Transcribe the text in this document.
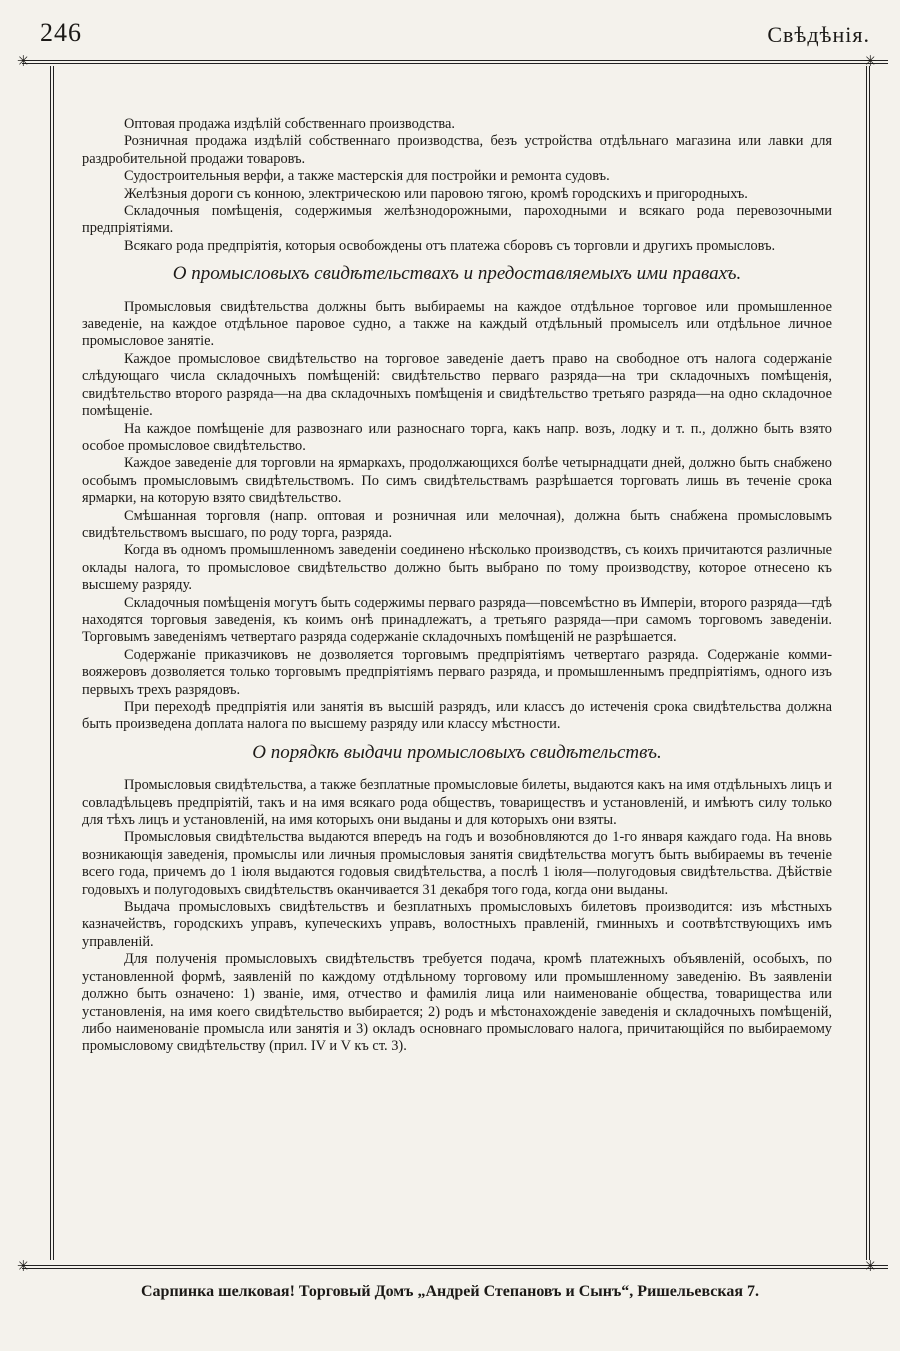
246	Свѣдѣнія.
✳	✳
✳	✳

Оптовая продажа издѣлій собственнаго производства.

Розничная продажа издѣлій собственнаго производства, безъ устройства отдѣльнаго магазина или лавки для раздробительной продажи товаровъ.

Судостроительныя верфи, а также мастерскія для постройки и ремонта судовъ.

Желѣзныя дороги съ конною, электрическою или паровою тягою, кромѣ городскихъ и пригородныхъ.

Складочныя помѣщенія, содержимыя желѣзнодорожными, пароходными и всякаго рода перевозочными предпріятіями.

Всякаго рода предпріятія, которыя освобождены отъ платежа сборовъ съ торговли и другихъ промысловъ.

О промысловыхъ свидѣтельствахъ и предоставляемыхъ ими правахъ.

Промысловыя свидѣтельства должны быть выбираемы на каждое отдѣльное торговое или промышленное заведеніе, на каждое отдѣльное паровое судно, а также на каждый отдѣльный промыселъ или отдѣльное личное промысловое занятіе.

Каждое промысловое свидѣтельство на торговое заведеніе даетъ право на свободное отъ налога содержаніе слѣдующаго числа складочныхъ помѣщеній: свидѣтельство перваго разряда—на три складочныхъ помѣщенія, свидѣтельство второго разряда—на два складочныхъ помѣщенія и свидѣтельство третьяго разряда—на одно складочное помѣщеніе.

На каждое помѣщеніе для развознаго или разноснаго торга, какъ напр. возъ, лодку и т. п., должно быть взято особое промысловое свидѣтельство.

Каждое заведеніе для торговли на ярмаркахъ, продолжающихся болѣе четырнадцати дней, должно быть снабжено особымъ промысловымъ свидѣтельствомъ. По симъ свидѣтельствамъ разрѣшается торговать лишь въ теченіе срока ярмарки, на которую взято свидѣтельство.

Смѣшанная торговля (напр. оптовая и розничная или мелочная), должна быть снабжена промысловымъ свидѣтельствомъ высшаго, по роду торга, разряда.

Когда въ одномъ промышленномъ заведеніи соединено нѣсколько производствъ, съ коихъ причитаются различные оклады налога, то промысловое свидѣтельство должно быть выбрано по тому производству, которое отнесено къ высшему разряду.

Складочныя помѣщенія могутъ быть содержимы перваго разряда—повсемѣстно въ Имперіи, второго разряда—гдѣ находятся торговыя заведенія, къ коимъ онѣ принадлежатъ, а третьяго разряда—при самомъ торговомъ заведеніи. Торговымъ заведеніямъ четвертаго разряда содержаніе складочныхъ помѣщеній не разрѣшается.

Содержаніе приказчиковъ не дозволяется торговымъ предпріятіямъ четвертаго разряда. Содержаніе комми-вояжеровъ дозволяется только торговымъ предпріятіямъ перваго разряда, и промышленнымъ предпріятіямъ, одного изъ первыхъ трехъ разрядовъ.

При переходѣ предпріятія или занятія въ высшій разрядъ, или классъ до истеченія срока свидѣтельства должна быть произведена доплата налога по высшему разряду или классу мѣстности.

О порядкѣ выдачи промысловыхъ свидѣтельствъ.

Промысловыя свидѣтельства, а также безплатные промысловые билеты, выдаются какъ на имя отдѣльныхъ лицъ и совладѣльцевъ предпріятій, такъ и на имя всякаго рода обществъ, товариществъ и установленій, и имѣютъ силу только для тѣхъ лицъ и установленій, на имя которыхъ они выданы и для которыхъ они взяты.

Промысловыя свидѣтельства выдаются впередъ на годъ и возобновляются до 1-го января каждаго года. На вновь возникающія заведенія, промыслы или личныя промысловыя занятія свидѣтельства могутъ быть выбираемы въ теченіе всего года, причемъ до 1 іюля выдаются годовыя свидѣтельства, а послѣ 1 іюля—полугодовыя свидѣтельства. Дѣйствіе годовыхъ и полугодовыхъ свидѣтельствъ оканчивается 31 декабря того года, когда они выданы.

Выдача промысловыхъ свидѣтельствъ и безплатныхъ промысловыхъ билетовъ производится: изъ мѣстныхъ казначействъ, городскихъ управъ, купеческихъ управъ, волостныхъ правленій, гминныхъ и соотвѣтствующихъ имъ управленій.

Для полученія промысловыхъ свидѣтельствъ требуется подача, кромѣ платежныхъ объявленій, особыхъ, по установленной формѣ, заявленій по каждому отдѣльному торговому или промышленному заведенію. Въ заявленіи должно быть означено: 1) званіе, имя, отчество и фамилія лица или наименованіе общества, товарищества или установленія, на имя коего свидѣтельство выбирается; 2) родъ и мѣстонахожденіе заведенія и складочныхъ помѣщеній, либо наименованіе промысла или занятія и 3) окладъ основнаго промысловаго налога, причитающійся по выбираемому промысловому свидѣтельству (прил. IV и V къ ст. 3).

Сарпинка шелковая! Торговый Домъ „Андрей Степановъ и Сынъ“, Ришельевская 7.
